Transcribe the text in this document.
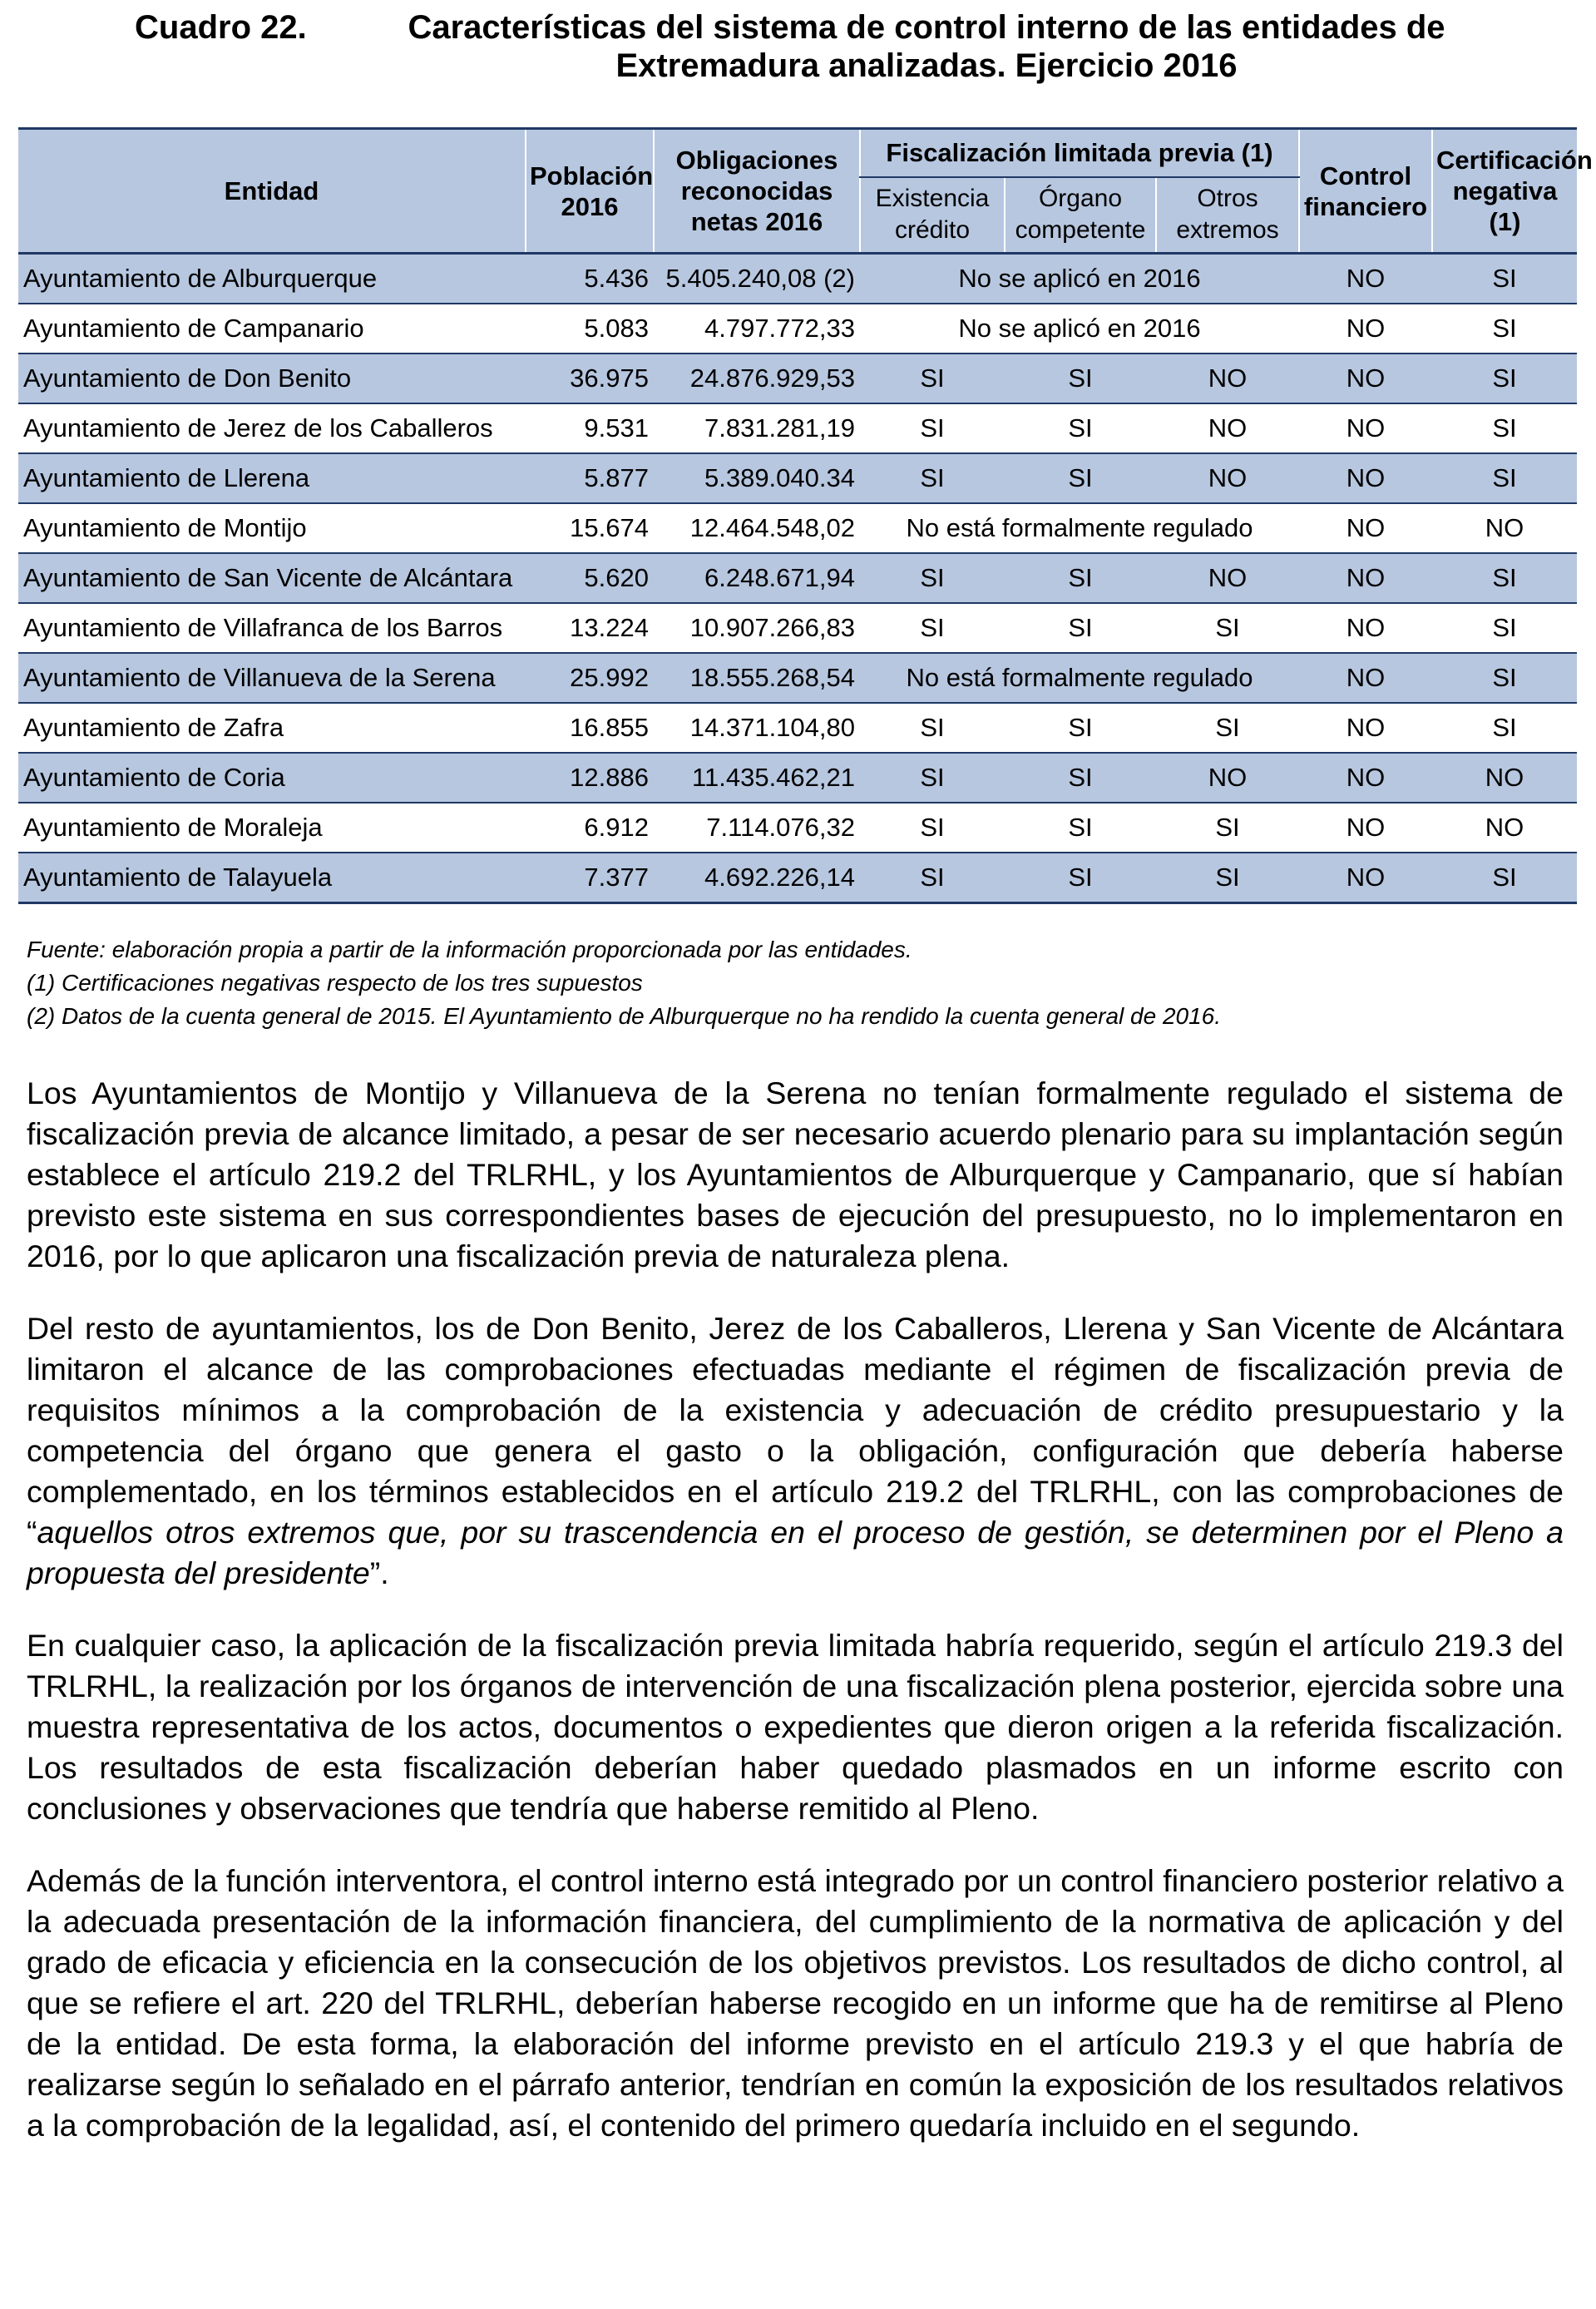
Cuadro 22.	Características del sistema de control interno de las entidades de
Extremadura analizadas. Ejercicio 2016
Entidad	Población 2016	Obligaciones reconocidas netas 2016	Fiscalización limitada previa (1)			Control financiero	Certificación negativa (1)
			Existencia crédito	Órgano competente	Otros extremos		
Ayuntamiento de Alburquerque	5.436	5.405.240,08 (2)	No se aplicó en 2016			NO	SI
Ayuntamiento de Campanario	5.083	4.797.772,33	No se aplicó en 2016			NO	SI
Ayuntamiento de Don Benito	36.975	24.876.929,53	SI	SI	NO	NO	SI
Ayuntamiento de Jerez de los Caballeros	9.531	7.831.281,19	SI	SI	NO	NO	SI
Ayuntamiento de Llerena	5.877	5.389.040.34	SI	SI	NO	NO	SI
Ayuntamiento de Montijo	15.674	12.464.548,02	No está formalmente regulado			NO	NO
Ayuntamiento de San Vicente de Alcántara	5.620	6.248.671,94	SI	SI	NO	NO	SI
Ayuntamiento de Villafranca de los Barros	13.224	10.907.266,83	SI	SI	SI	NO	SI
Ayuntamiento de Villanueva de la Serena	25.992	18.555.268,54	No está formalmente regulado			NO	SI
Ayuntamiento de Zafra	16.855	14.371.104,80	SI	SI	SI	NO	SI
Ayuntamiento de Coria	12.886	11.435.462,21	SI	SI	NO	NO	NO
Ayuntamiento de Moraleja	6.912	7.114.076,32	SI	SI	SI	NO	NO
Ayuntamiento de Talayuela	7.377	4.692.226,14	SI	SI	SI	NO	SI
Fuente: elaboración propia a partir de la información proporcionada por las entidades.
(1) Certificaciones negativas respecto de los tres supuestos
(2) Datos de la cuenta general de 2015. El Ayuntamiento de Alburquerque no ha rendido la cuenta general de 2016.

Los Ayuntamientos de Montijo y Villanueva de la Serena no tenían formalmente regulado el sistema de fiscalización previa de alcance limitado, a pesar de ser necesario acuerdo plenario para su implantación según establece el artículo 219.2 del TRLRHL, y los Ayuntamientos de Alburquerque y Campanario, que sí habían previsto este sistema en sus correspondientes bases de ejecución del presupuesto, no lo implementaron en 2016, por lo que aplicaron una fiscalización previa de naturaleza plena.

Del resto de ayuntamientos, los de Don Benito, Jerez de los Caballeros, Llerena y San Vicente de Alcántara limitaron el alcance de las comprobaciones efectuadas mediante el régimen de fiscalización previa de requisitos mínimos a la comprobación de la existencia y adecuación de crédito presupuestario y la competencia del órgano que genera el gasto o la obligación, configuración que debería haberse complementado, en los términos establecidos en el artículo 219.2 del TRLRHL, con las comprobaciones de “aquellos otros extremos que, por su trascendencia en el proceso de gestión, se determinen por el Pleno a propuesta del presidente”.

En cualquier caso, la aplicación de la fiscalización previa limitada habría requerido, según el artículo 219.3 del TRLRHL, la realización por los órganos de intervención de una fiscalización plena posterior, ejercida sobre una muestra representativa de los actos, documentos o expedientes que dieron origen a la referida fiscalización. Los resultados de esta fiscalización deberían haber quedado plasmados en un informe escrito con conclusiones y observaciones que tendría que haberse remitido al Pleno.

Además de la función interventora, el control interno está integrado por un control financiero posterior relativo a la adecuada presentación de la información financiera, del cumplimiento de la normativa de aplicación y del grado de eficacia y eficiencia en la consecución de los objetivos previstos. Los resultados de dicho control, al que se refiere el art. 220 del TRLRHL, deberían haberse recogido en un informe que ha de remitirse al Pleno de la entidad. De esta forma, la elaboración del informe previsto en el artículo 219.3 y el que habría de realizarse según lo señalado en el párrafo anterior, tendrían en común la exposición de los resultados relativos a la comprobación de la legalidad, así, el contenido del primero quedaría incluido en el segundo.
